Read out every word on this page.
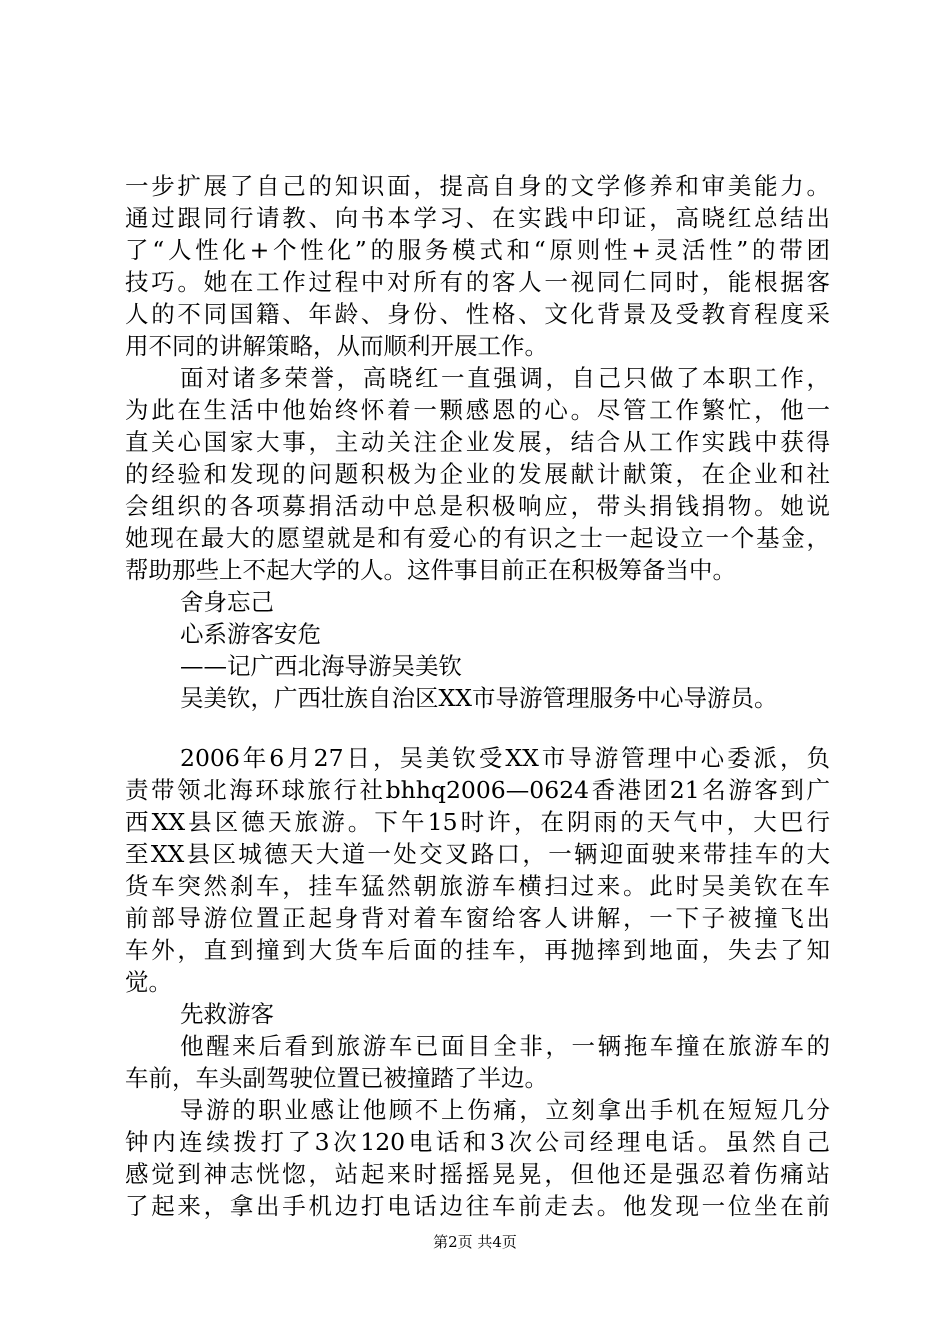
一步扩展了自己的知识面，提高自身的文学修养和审美能力。
通过跟同行请教、向书本学习、在实践中印证，高晓红总结出
了“人性化+个性化”的服务模式和“原则性+灵活性”的带团
技巧。她在工作过程中对所有的客人一视同仁同时，能根据客
人的不同国籍、年龄、身份、性格、文化背景及受教育程度采
用不同的讲解策略，从而顺利开展工作。
面对诸多荣誉，高晓红一直强调，自己只做了本职工作，
为此在生活中他始终怀着一颗感恩的心。尽管工作繁忙，他一
直关心国家大事，主动关注企业发展，结合从工作实践中获得
的经验和发现的问题积极为企业的发展献计献策，在企业和社
会组织的各项募捐活动中总是积极响应，带头捐钱捐物。她说
她现在最大的愿望就是和有爱心的有识之士一起设立一个基金，
帮助那些上不起大学的人。这件事目前正在积极筹备当中。
舍身忘己
心系游客安危
——记广西北海导游吴美钦
吴美钦，广西壮族自治区XX市导游管理服务中心导游员。
2006年6月27日，吴美钦受XX市导游管理中心委派，负
责带领北海环球旅行社bhhq2006—0624香港团21名游客到广
西XX县区德天旅游。下午15时许，在阴雨的天气中，大巴行
至XX县区城德天大道一处交叉路口，一辆迎面驶来带挂车的大
货车突然刹车，挂车猛然朝旅游车横扫过来。此时吴美钦在车
前部导游位置正起身背对着车窗给客人讲解，一下子被撞飞出
车外，直到撞到大货车后面的挂车，再抛摔到地面，失去了知
觉。
先救游客
他醒来后看到旅游车已面目全非，一辆拖车撞在旅游车的
车前，车头副驾驶位置已被撞踏了半边。
导游的职业感让他顾不上伤痛，立刻拿出手机在短短几分
钟内连续拨打了3次120电话和3次公司经理电话。虽然自己
感觉到神志恍惚，站起来时摇摇晃晃，但他还是强忍着伤痛站
了起来，拿出手机边打电话边往车前走去。他发现一位坐在前
第2页 共4页
